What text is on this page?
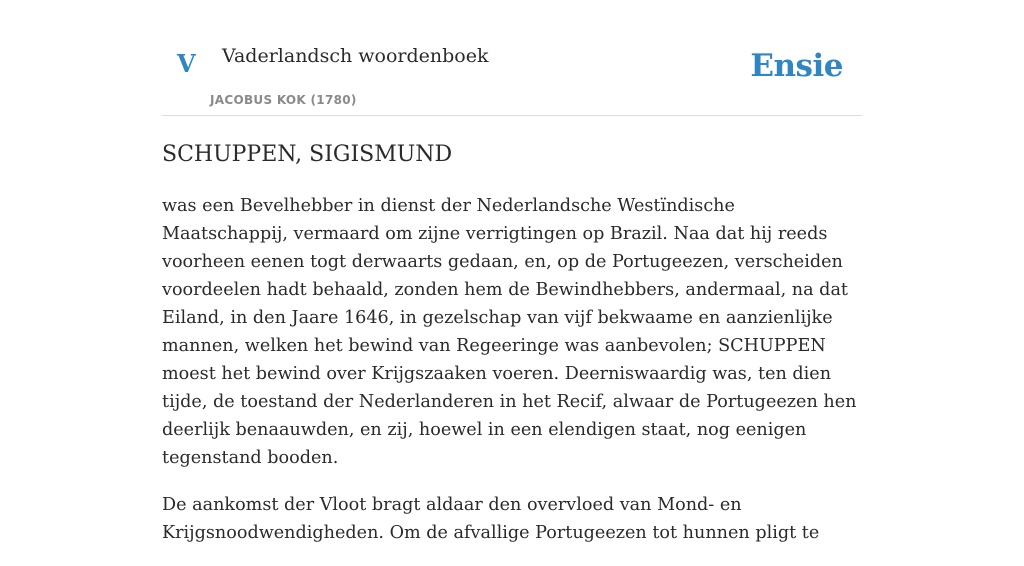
V Vaderlandsch woordenboek
JACOBUS KOK (1780)
Ensie
SCHUPPEN, SIGISMUND

was een Bevelhebber in dienst der Nederlandsche Westïndische Maatschappij, vermaard om zijne verrigtingen op Brazil. Naa dat hij reeds voorheen eenen togt derwaarts gedaan, en, op de Portugeezen, verscheiden voordeelen hadt behaald, zonden hem de Bewindhebbers, andermaal, na dat Eiland, in den Jaare 1646, in gezelschap van vijf bekwaame en aanzienlijke mannen, welken het bewind van Regeeringe was aanbevolen; SCHUPPEN moest het bewind over Krijgszaaken voeren. Deerniswaardig was, ten dien tijde, de toestand der Nederlanderen in het Recif, alwaar de Portugeezen hen deerlijk benaauwden, en zij, hoewel in een elendigen staat, nog eenigen tegenstand booden.

De aankomst der Vloot bragt aldaar den overvloed van Mond- en Krijgsnoodwendigheden. Om de afvallige Portugeezen tot hunnen pligt te
